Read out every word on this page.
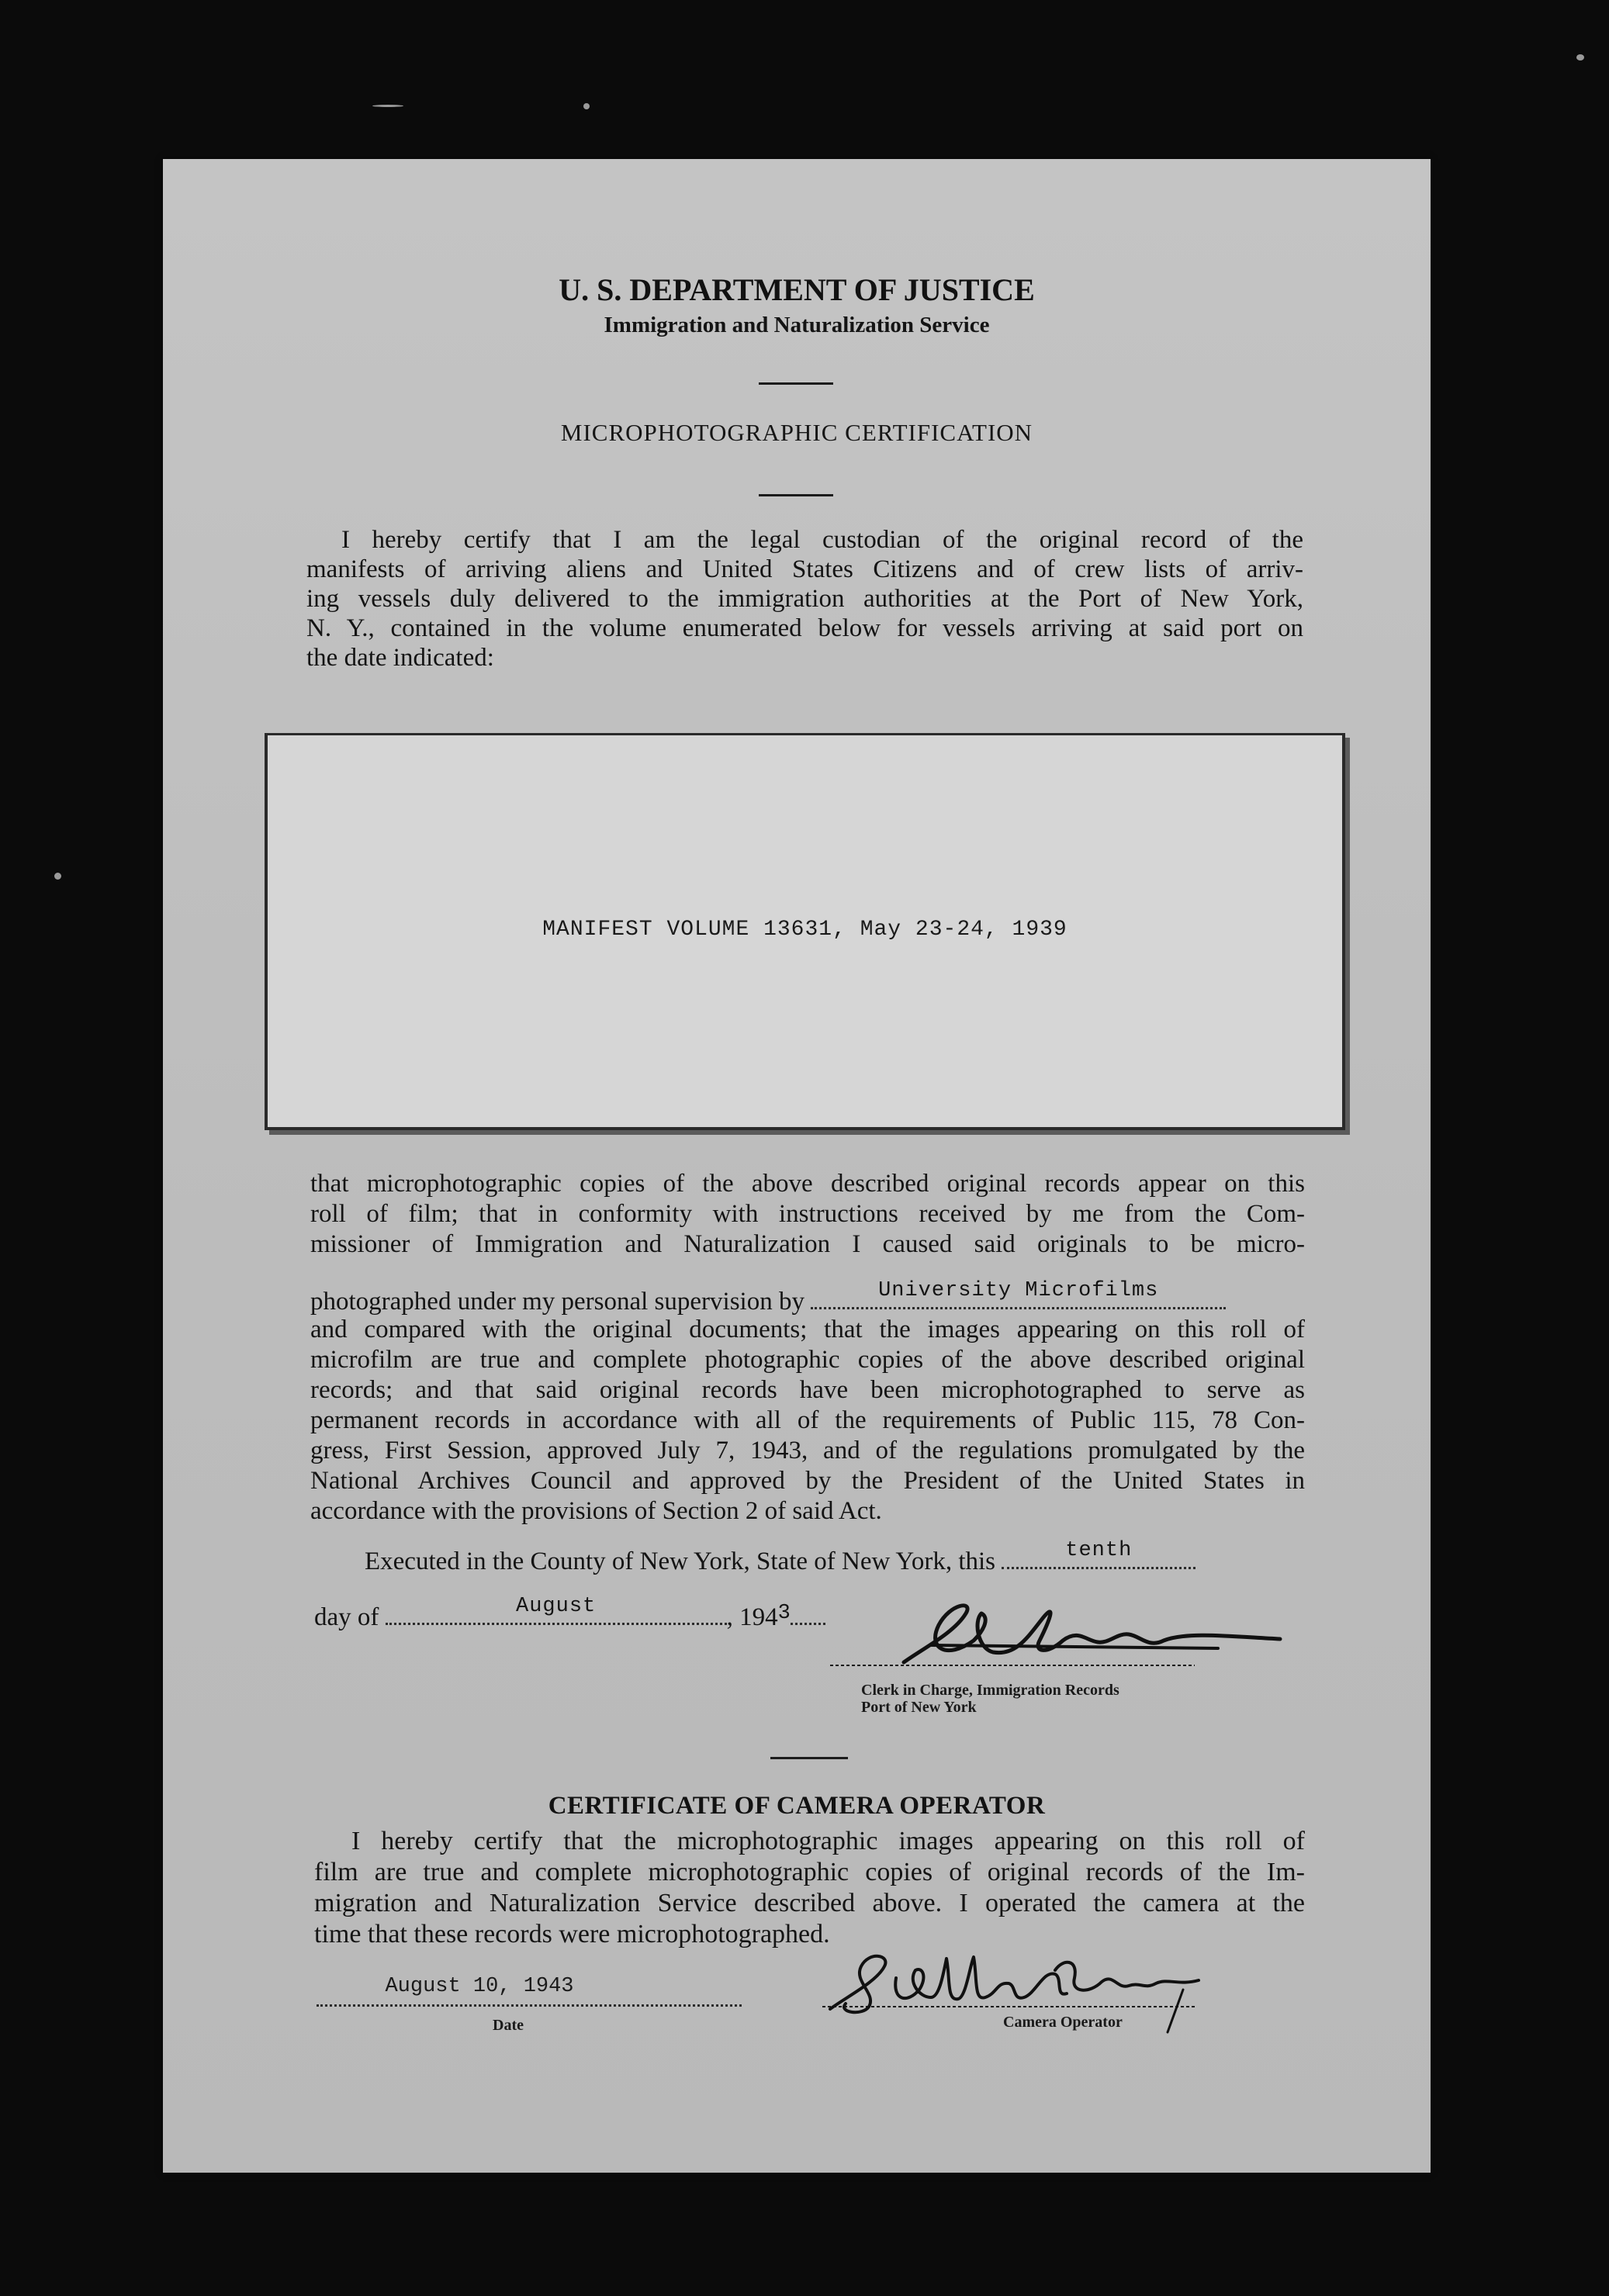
U. S. DEPARTMENT OF JUSTICE
Immigration and Naturalization Service
MICROPHOTOGRAPHIC CERTIFICATION
I hereby certify that I am the legal custodian of the original record of the
manifests of arriving aliens and United States Citizens and of crew lists of arriv-
ing vessels duly delivered to the immigration authorities at the Port of New York,
N. Y., contained in the volume enumerated below for vessels arriving at said port on
the date indicated:
MANIFEST VOLUME 13631, May 23-24, 1939
that microphotographic copies of the above described original records appear on this
roll of film; that in conformity with instructions received by me from the Com-
missioner of Immigration and Naturalization I caused said originals to be micro-
photographed under my personal supervision by	University Microfilms
and compared with the original documents; that the images appearing on this roll of
microfilm are true and complete photographic copies of the above described original
records; and that said original records have been microphotographed to serve as
permanent records in accordance with all of the requirements of Public 115, 78 Con-
gress, First Session, approved July 7, 1943, and of the regulations promulgated by the
National Archives Council and approved by the President of the United States in
accordance with the provisions of Section 2 of said Act.
Executed in the County of New York, State of New York, this	tenth
day of	August	, $194^3$
Clerk in Charge, Immigration Records
Port of New York
CERTIFICATE OF CAMERA OPERATOR
I hereby certify that the microphotographic images appearing on this roll of
film are true and complete microphotographic copies of original records of the Im-
migration and Naturalization Service described above. I operated the camera at the
time that these records were microphotographed.
August 10, 1943
Date	Camera Operator
